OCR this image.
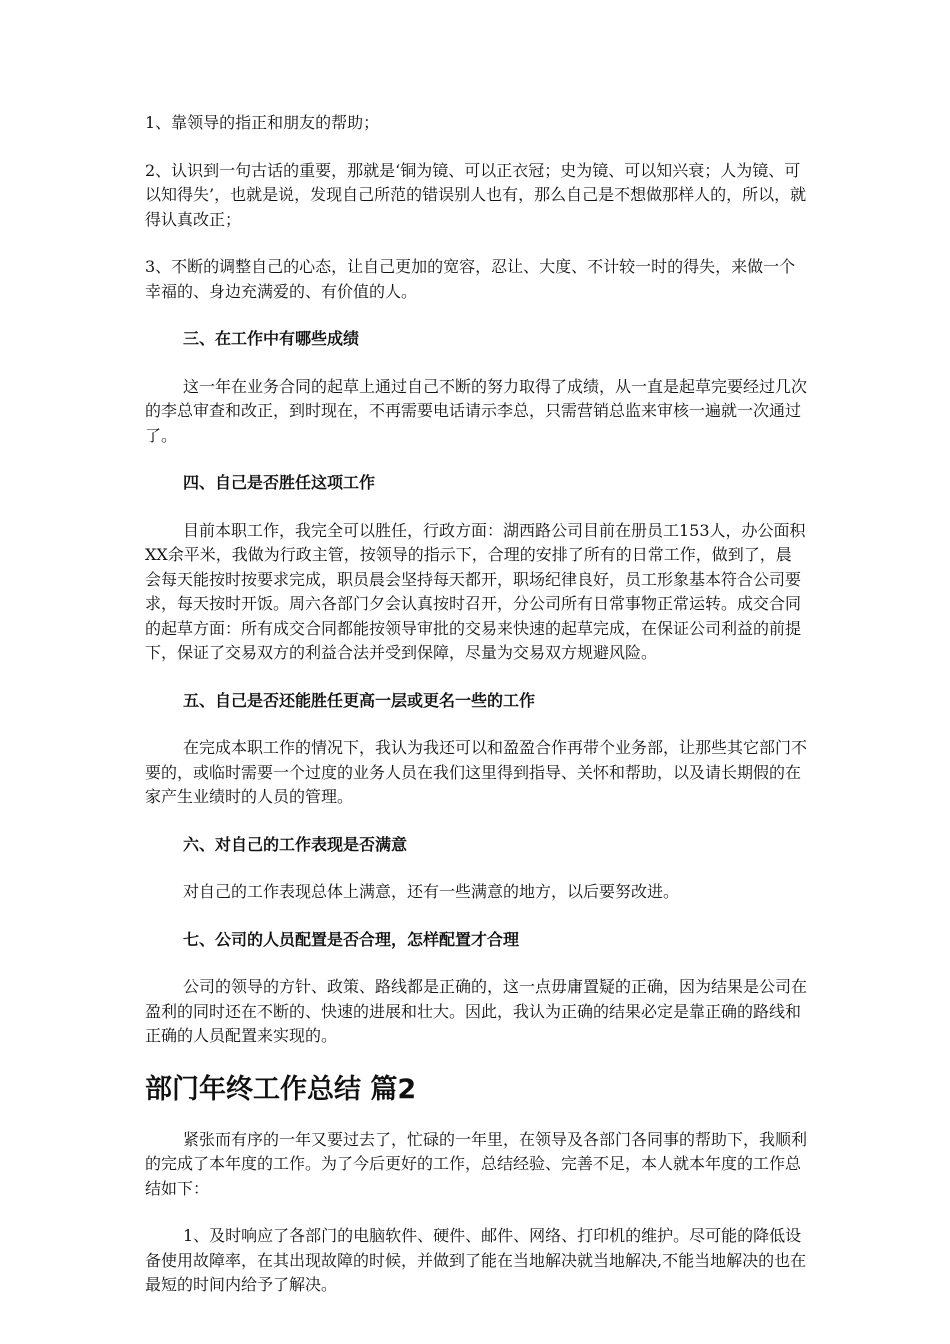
1、靠领导的指正和朋友的帮助；

2、认识到一句古话的重要，那就是‘铜为镜、可以正衣冠；史为镜、可以知兴衰；人为镜、可以知得失’，也就是说，发现自己所范的错误别人也有，那么自己是不想做那样人的，所以，就得认真改正；

3、不断的调整自己的心态，让自己更加的宽容，忍让、大度、不计较一时的得失，来做一个幸福的、身边充满爱的、有价值的人。

三、在工作中有哪些成绩

这一年在业务合同的起草上通过自己不断的努力取得了成绩，从一直是起草完要经过几次的李总审查和改正，到时现在，不再需要电话请示李总，只需营销总监来审核一遍就一次通过了。

四、自己是否胜任这项工作

目前本职工作，我完全可以胜任，行政方面：湖西路公司目前在册员工153人，办公面积XX余平米，我做为行政主管，按领导的指示下，合理的安排了所有的日常工作，做到了，晨会每天能按时按要求完成，职员晨会坚持每天都开，职场纪律良好，员工形象基本符合公司要求，每天按时开饭。周六各部门夕会认真按时召开，分公司所有日常事物正常运转。成交合同的起草方面：所有成交合同都能按领导审批的交易来快速的起草完成，在保证公司利益的前提下，保证了交易双方的利益合法并受到保障，尽量为交易双方规避风险。

五、自己是否还能胜任更高一层或更名一些的工作

在完成本职工作的情况下，我认为我还可以和盈盈合作再带个业务部，让那些其它部门不要的，或临时需要一个过度的业务人员在我们这里得到指导、关怀和帮助，以及请长期假的在家产生业绩时的人员的管理。

六、对自己的工作表现是否满意

对自己的工作表现总体上满意，还有一些满意的地方，以后要努改进。

七、公司的人员配置是否合理，怎样配置才合理

公司的领导的方针、政策、路线都是正确的，这一点毋庸置疑的正确，因为结果是公司在盈利的同时还在不断的、快速的进展和壮大。因此，我认为正确的结果必定是靠正确的路线和正确的人员配置来实现的。

部门年终工作总结 篇2

紧张而有序的一年又要过去了，忙碌的一年里，在领导及各部门各同事的帮助下，我顺利的完成了本年度的工作。为了今后更好的工作，总结经验、完善不足，本人就本年度的工作总结如下：

1、及时响应了各部门的电脑软件、硬件、邮件、网络、打印机的维护。尽可能的降低设备使用故障率，在其出现故障的时候，并做到了能在当地解决就当地解决,不能当地解决的也在最短的时间内给予了解决。
